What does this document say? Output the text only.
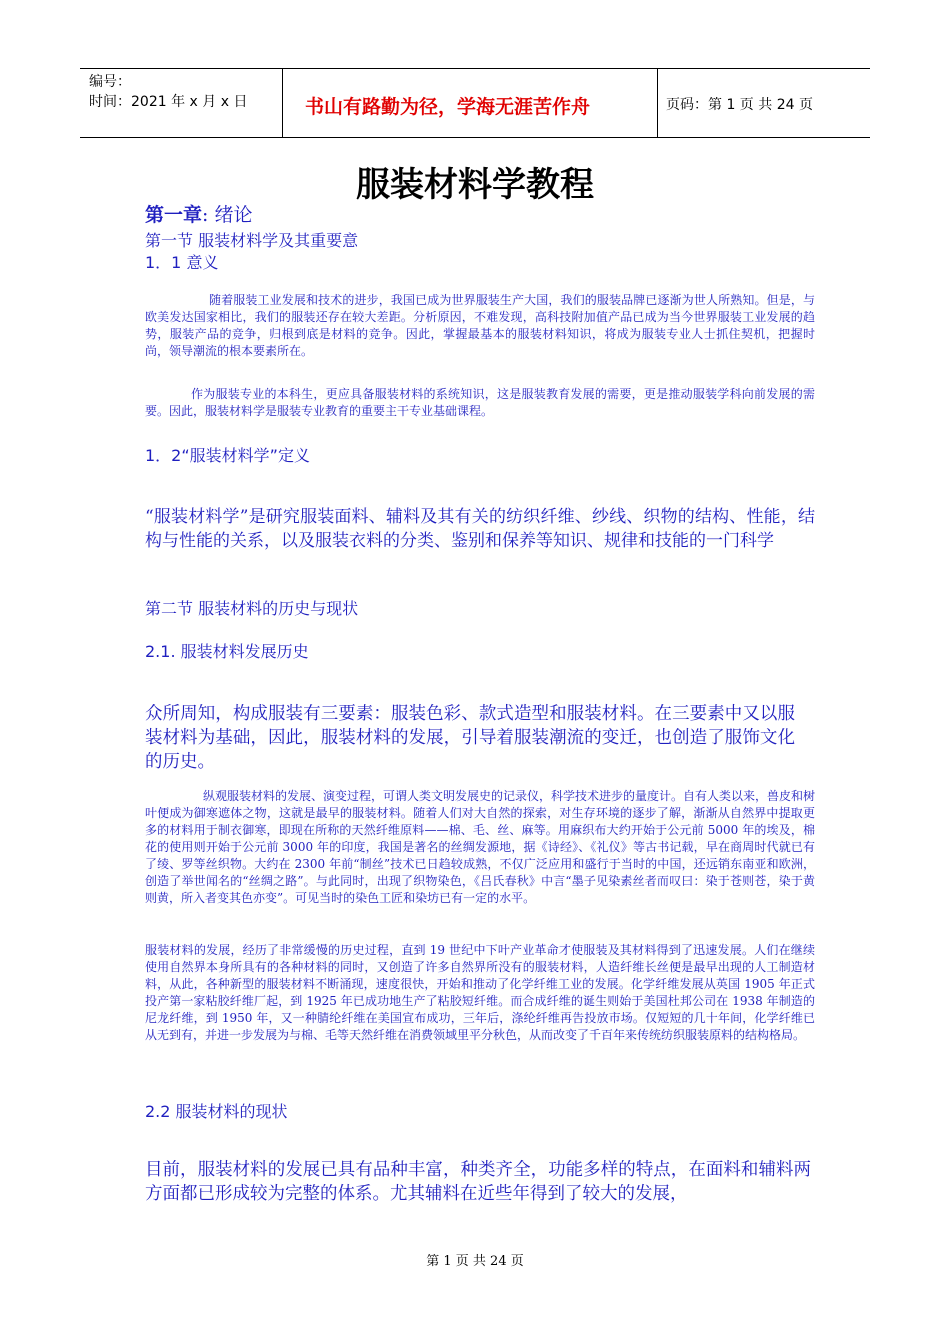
编号：
时间：2021 年 x 月 x 日	书山有路勤为径，学海无涯苦作舟	页码：第 1 页 共 24 页
服装材料学教程
第一章: 绪论
第一节 服装材料学及其重要意
1．1 意义

随着服装工业发展和技术的进步，我国已成为世界服装生产大国，我们的服装品牌已逐渐为世人所熟知。但是，与欧美发达国家相比，我们的服装还存在较大差距。分析原因，不难发现，高科技附加值产品已成为当今世界服装工业发展的趋势，服装产品的竞争，归根到底是材料的竞争。因此，掌握最基本的服装材料知识，将成为服装专业人士抓住契机，把握时尚，领导潮流的根本要素所在。

作为服装专业的本科生，更应具备服装材料的系统知识，这是服装教育发展的需要，更是推动服装学科向前发展的需要。因此，服装材料学是服装专业教育的重要主干专业基础课程。

1．2“服装材料学”定义

“服装材料学”是研究服装面料、辅料及其有关的纺织纤维、纱线、织物的结构、性能，结构与性能的关系，以及服装衣料的分类、鉴别和保养等知识、规律和技能的一门科学

第二节 服装材料的历史与现状
2.1. 服装材料发展历史

众所周知，构成服装有三要素：服装色彩、款式造型和服装材料。在三要素中又以服装材料为基础，因此，服装材料的发展，引导着服装潮流的变迁，也创造了服饰文化的历史。

纵观服装材料的发展、演变过程，可谓人类文明发展史的记录仪，科学技术进步的量度计。自有人类以来，兽皮和树叶便成为御寒遮体之物，这就是最早的服装材料。随着人们对大自然的探索，对生存环境的逐步了解，渐渐从自然界中提取更多的材料用于制衣御寒，即现在所称的天然纤维原料——棉、毛、丝、麻等。用麻织布大约开始于公元前 5000 年的埃及，棉花的使用则开始于公元前 3000 年的印度，我国是著名的丝绸发源地，据《诗经》、《礼仪》等古书记载，早在商周时代就已有了绫、罗等丝织物。大约在 2300 年前“制丝”技术已日趋较成熟，不仅广泛应用和盛行于当时的中国，还远销东南亚和欧洲，创造了举世闻名的“丝绸之路”。与此同时，出现了织物染色，《吕氏春秋》中言“墨子见染素丝者而叹曰：染于苍则苍，染于黄则黄，所入者变其色亦变”。可见当时的染色工匠和染坊已有一定的水平。

服装材料的发展，经历了非常缓慢的历史过程，直到 19 世纪中下叶产业革命才使服装及其材料得到了迅速发展。人们在继续使用自然界本身所具有的各种材料的同时，又创造了许多自然界所没有的服装材料，人造纤维长丝便是最早出现的人工制造材料，从此，各种新型的服装材料不断涌现，速度很快，开始和推动了化学纤维工业的发展。化学纤维发展从英国 1905 年正式投产第一家粘胶纤维厂起，到 1925 年已成功地生产了粘胶短纤维。而合成纤维的诞生则始于美国杜邦公司在 1938 年制造的尼龙纤维，到 1950 年，又一种腈纶纤维在美国宣布成功，三年后，涤纶纤维再告投放市场。仅短短的几十年间，化学纤维已从无到有，并进一步发展为与棉、毛等天然纤维在消费领域里平分秋色，从而改变了千百年来传统纺织服装原料的结构格局。

2.2 服装材料的现状

目前，服装材料的发展已具有品种丰富，种类齐全，功能多样的特点，在面料和辅料两方面都已形成较为完整的体系。尤其辅料在近些年得到了较大的发展，

第 1 页 共 24 页
